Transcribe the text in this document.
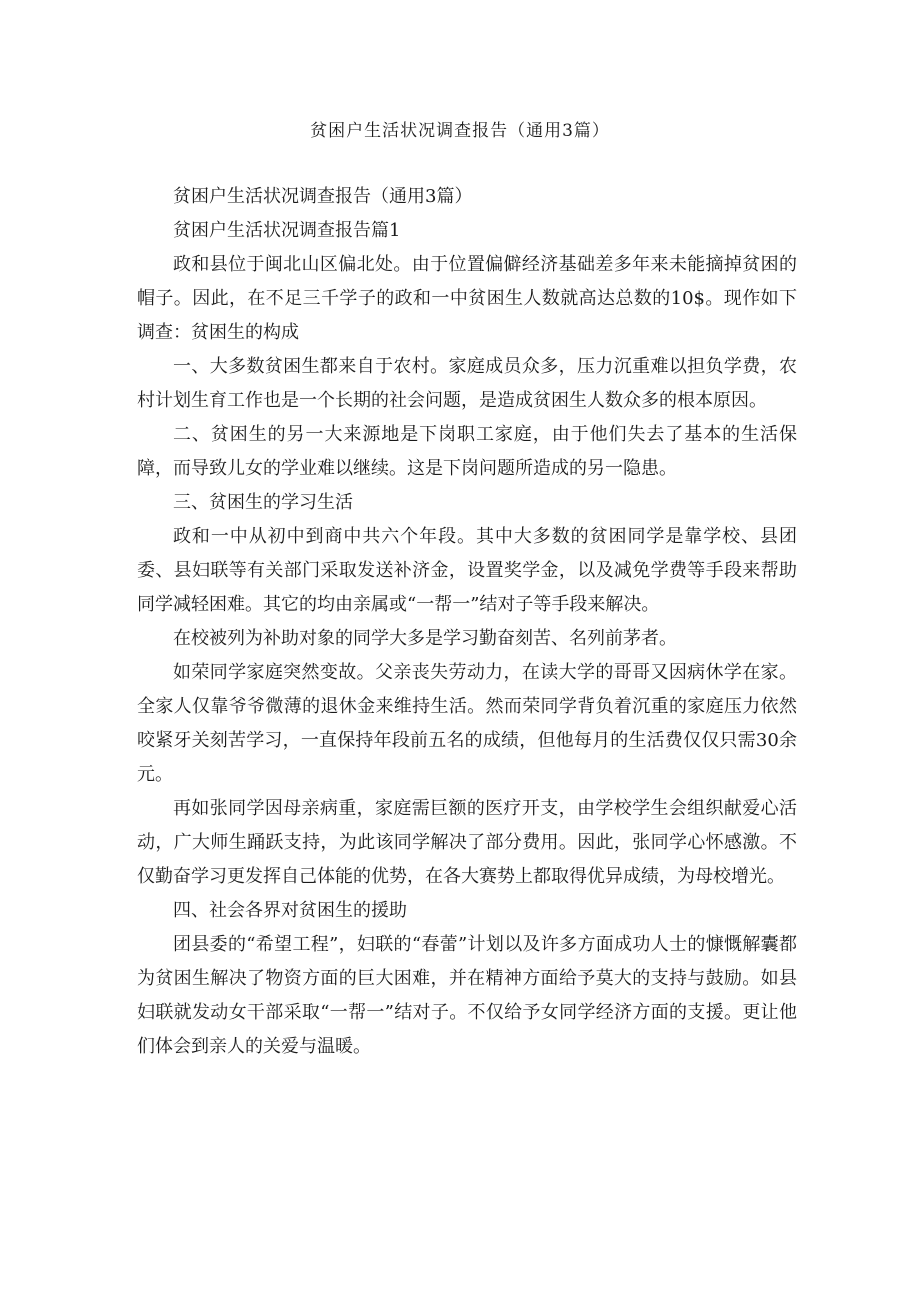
贫困户生活状况调查报告（通用3篇）

贫困户生活状况调查报告（通用3篇）

贫困户生活状况调查报告篇1

政和县位于闽北山区偏北处。由于位置偏僻经济基础差多年来未能摘掉贫困的帽子。因此，在不足三千学子的政和一中贫困生人数就高达总数的10$。现作如下调查：贫困生的构成

一、大多数贫困生都来自于农村。家庭成员众多，压力沉重难以担负学费，农村计划生育工作也是一个长期的社会问题，是造成贫困生人数众多的根本原因。

二、贫困生的另一大来源地是下岗职工家庭，由于他们失去了基本的生活保障，而导致儿女的学业难以继续。这是下岗问题所造成的另一隐患。

三、贫困生的学习生活

政和一中从初中到商中共六个年段。其中大多数的贫困同学是靠学校、县团委、县妇联等有关部门采取发送补济金，设置奖学金，以及减免学费等手段来帮助同学减轻困难。其它的均由亲属或“一帮一”结对子等手段来解决。

在校被列为补助对象的同学大多是学习勤奋刻苦、名列前茅者。

如荣同学家庭突然变故。父亲丧失劳动力，在读大学的哥哥又因病休学在家。全家人仅靠爷爷微薄的退休金来维持生活。然而荣同学背负着沉重的家庭压力依然咬紧牙关刻苦学习，一直保持年段前五名的成绩，但他每月的生活费仅仅只需30余元。

再如张同学因母亲病重，家庭需巨额的医疗开支，由学校学生会组织献爱心活动，广大师生踊跃支持，为此该同学解决了部分费用。因此，张同学心怀感激。不仅勤奋学习更发挥自己体能的优势，在各大赛势上都取得优异成绩，为母校增光。

四、社会各界对贫困生的援助

团县委的“希望工程”，妇联的“春蕾”计划以及许多方面成功人士的慷慨解囊都为贫困生解决了物资方面的巨大困难，并在精神方面给予莫大的支持与鼓励。如县妇联就发动女干部采取“一帮一”结对子。不仅给予女同学经济方面的支援。更让他们体会到亲人的关爱与温暖。
